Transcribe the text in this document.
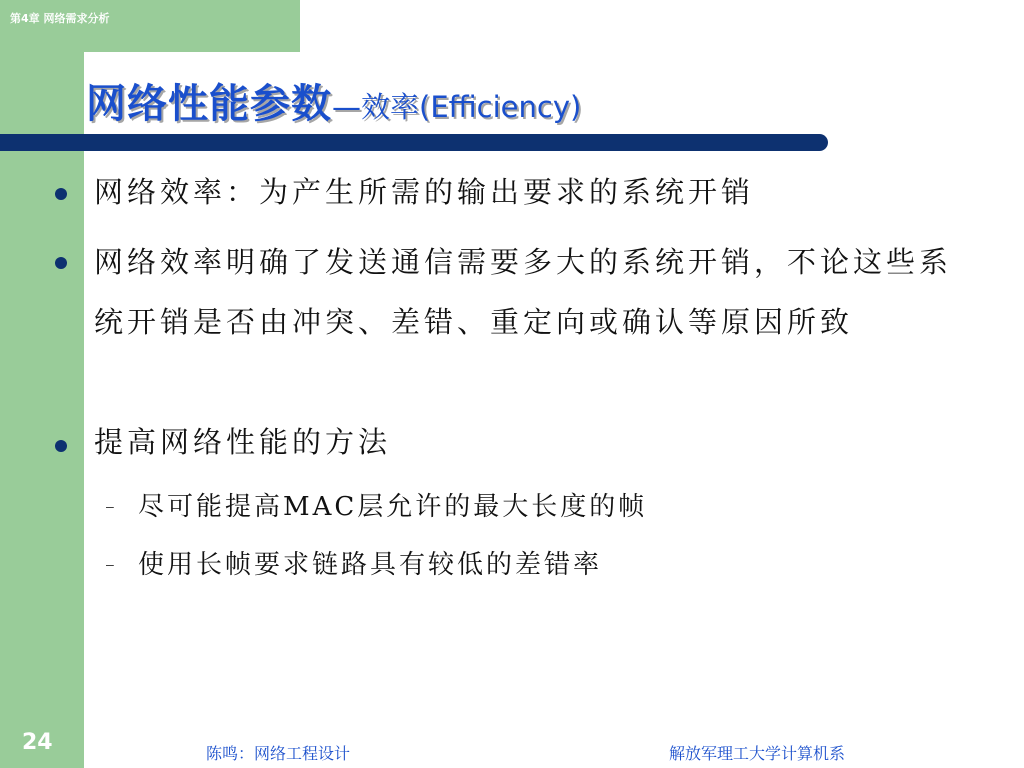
第4章 网络需求分析
网络性能参数—效率(Efficiency)
网络效率：为产生所需的输出要求的系统开销
网络效率明确了发送通信需要多大的系统开销，不论这些系统开销是否由冲突、差错、重定向或确认等原因所致
提高网络性能的方法
– 尽可能提高MAC层允许的最大长度的帧
– 使用长帧要求链路具有较低的差错率
24	陈鸣：网络工程设计	解放军理工大学计算机系
